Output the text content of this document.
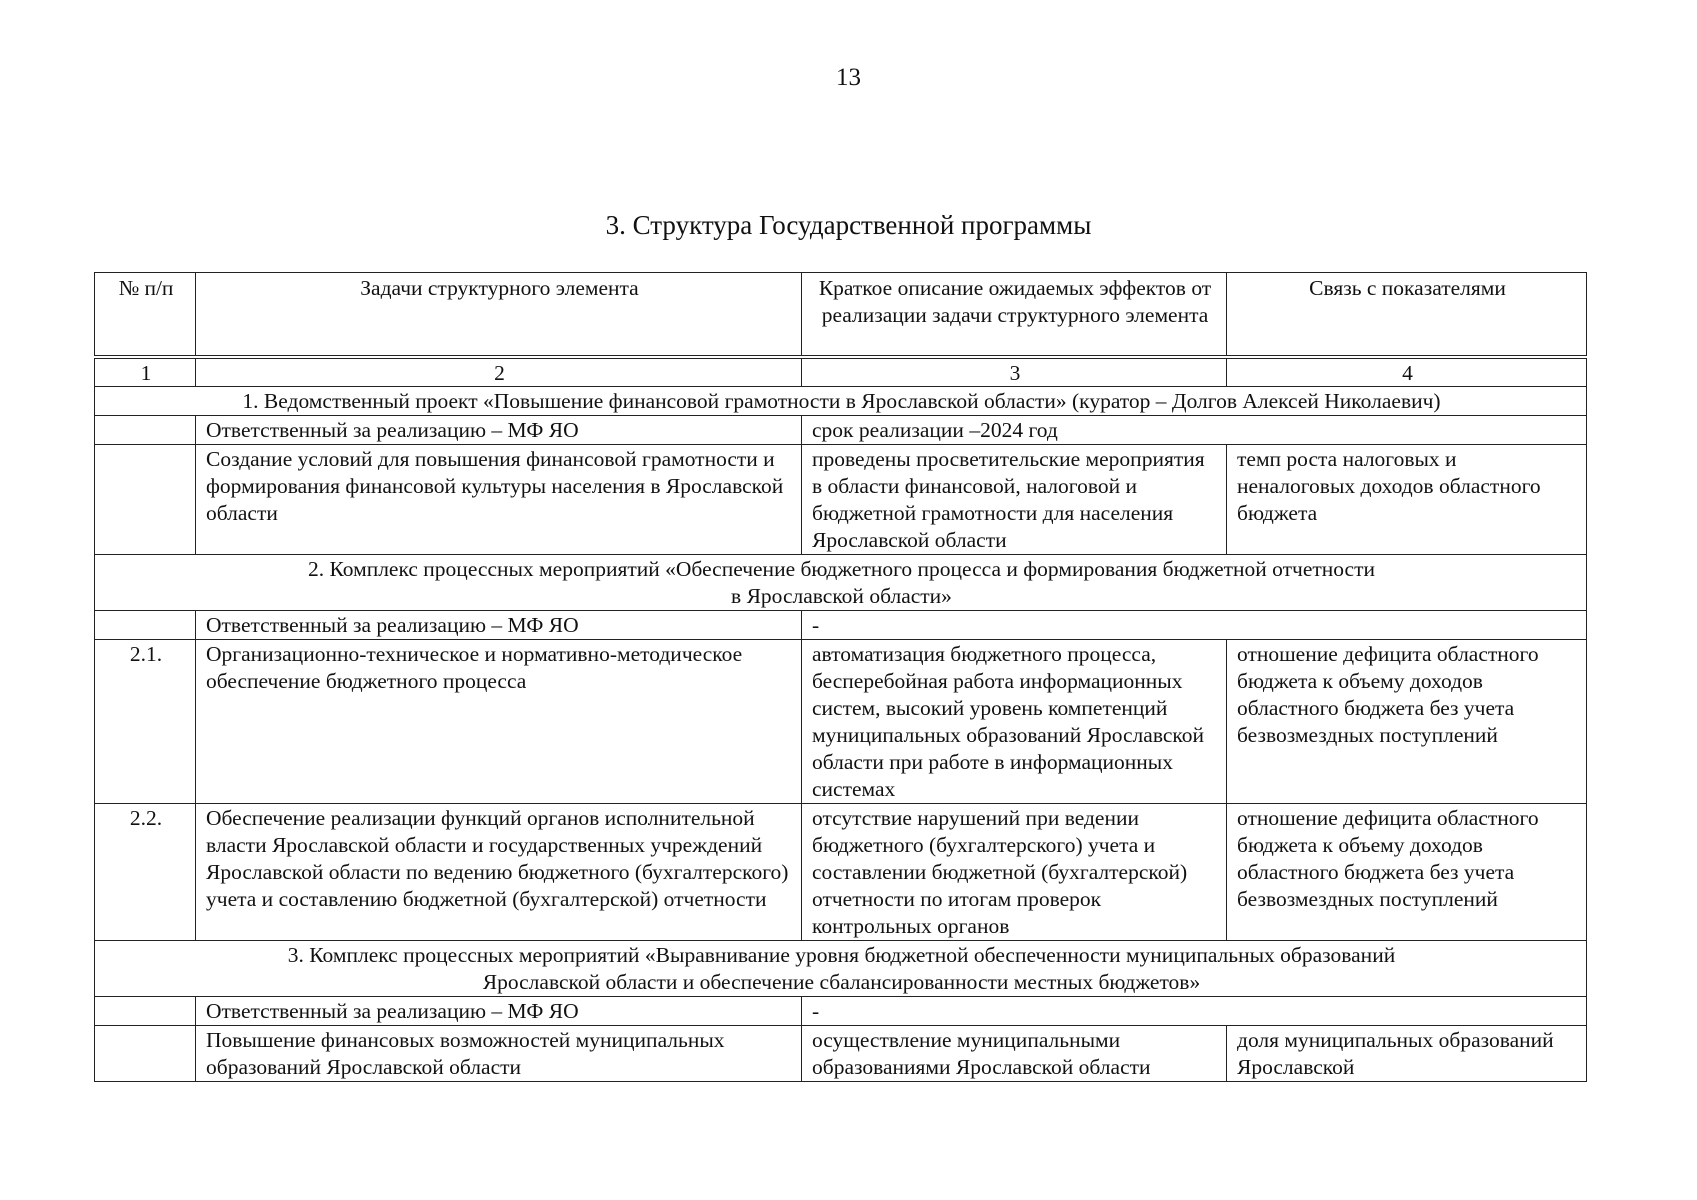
13
3. Структура Государственной программы
№ п/п	Задачи структурного элемента	Краткое описание ожидаемых эффектов от реализации задачи структурного элемента	Связь с показателями
1	2	3	4
1. Ведомственный проект «Повышение финансовой грамотности в Ярославской области» (куратор – Долгов Алексей Николаевич)			
	Ответственный за реализацию – МФ ЯО	срок реализации –2024 год	
	Создание условий для повышения финансовой грамотности и формирования финансовой культуры населения в Ярославской области	проведены просветительские мероприятия в области финансовой, налоговой и бюджетной грамотности для населения Ярославской области	темп роста налоговых и неналоговых доходов областного бюджета

2. Комплекс процессных мероприятий «Обеспечение бюджетного процесса и формирования бюджетной отчетности
в Ярославской области»			

	Ответственный за реализацию – МФ ЯО	-	
2.1.	Организационно-техническое и нормативно-методическое обеспечение бюджетного процесса	автоматизация бюджетного процесса, бесперебойная работа информационных систем, высокий уровень компетенций муниципальных образований Ярославской области при работе в информационных системах	отношение дефицита областного бюджета к объему доходов областного бюджета без учета безвозмездных поступлений
2.2.	Обеспечение реализации функций органов исполнительной власти Ярославской области и государственных учреждений Ярославской области по ведению бюджетного (бухгалтерского) учета и составлению бюджетной (бухгалтерской) отчетности	отсутствие нарушений при ведении бюджетного (бухгалтерского) учета и составлении бюджетной (бухгалтерской) отчетности по итогам проверок контрольных органов	отношение дефицита областного бюджета к объему доходов областного бюджета без учета безвозмездных поступлений

3. Комплекс процессных мероприятий «Выравнивание уровня бюджетной обеспеченности муниципальных образований
Ярославской области и обеспечение сбалансированности местных бюджетов»			

	Ответственный за реализацию – МФ ЯО	-	
	Повышение финансовых возможностей муниципальных образований Ярославской области	осуществление муниципальными образованиями Ярославской области	доля муниципальных образований Ярославской
